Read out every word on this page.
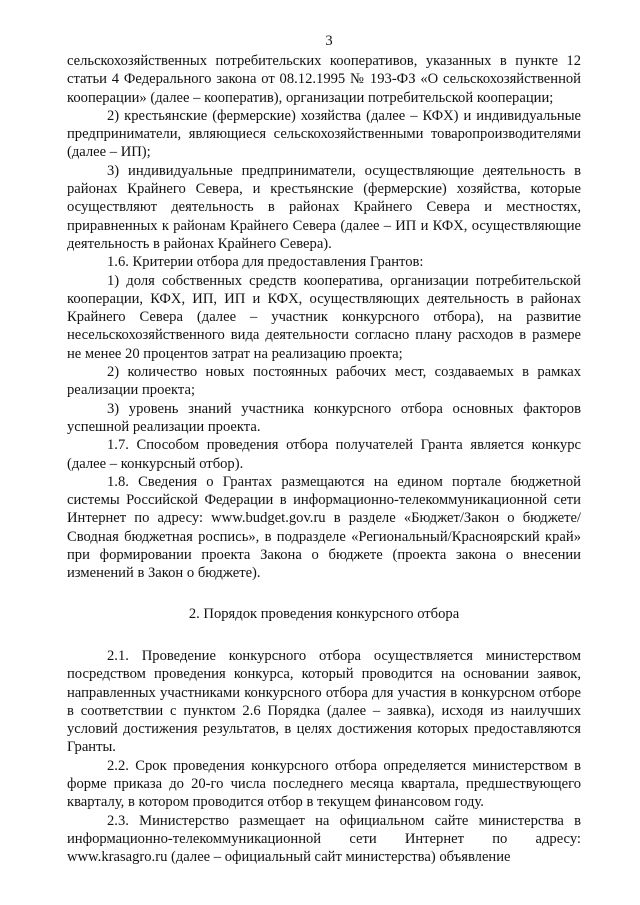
3

сельскохозяйственных потребительских кооперативов, указанных в пункте 12 статьи 4 Федерального закона от 08.12.1995 № 193-ФЗ «О сельскохозяйственной кооперации» (далее – кооператив), организации потребительской кооперации;

2) крестьянские (фермерские) хозяйства (далее – КФХ) и индивидуальные предприниматели, являющиеся сельскохозяйственными товаропроизводителями (далее – ИП);

3) индивидуальные предприниматели, осуществляющие деятельность в районах Крайнего Севера, и крестьянские (фермерские) хозяйства, которые осуществляют деятельность в районах Крайнего Севера и местностях, приравненных к районам Крайнего Севера (далее – ИП и КФХ, осуществляющие деятельность в районах Крайнего Севера).

1.6. Критерии отбора для предоставления Грантов:

1) доля собственных средств кооператива, организации потребительской кооперации, КФХ, ИП, ИП и КФХ, осуществляющих деятельность в районах Крайнего Севера (далее – участник конкурсного отбора), на развитие несельскохозяйственного вида деятельности согласно плану расходов в размере не менее 20 процентов затрат на реализацию проекта;

2) количество новых постоянных рабочих мест, создаваемых в рамках реализации проекта;

3) уровень знаний участника конкурсного отбора основных факторов успешной реализации проекта.

1.7. Способом проведения отбора получателей Гранта является конкурс (далее – конкурсный отбор).

1.8. Сведения о Грантах размещаются на едином портале бюджетной системы Российской Федерации в информационно-телекоммуникационной сети Интернет по адресу: www.budget.gov.ru в разделе «Бюджет/Закон о бюджете/Сводная бюджетная роспись», в подразделе «Региональный/Красноярский край» при формировании проекта Закона о бюджете (проекта закона о внесении изменений в Закон о бюджете).

2. Порядок проведения конкурсного отбора

2.1. Проведение конкурсного отбора осуществляется министерством посредством проведения конкурса, который проводится на основании заявок, направленных участниками конкурсного отбора для участия в конкурсном отборе в соответствии с пунктом 2.6 Порядка (далее – заявка), исходя из наилучших условий достижения результатов, в целях достижения которых предоставляются Гранты.

2.2. Срок проведения конкурсного отбора определяется министерством в форме приказа до 20-го числа последнего месяца квартала, предшествующего кварталу, в котором проводится отбор в текущем финансовом году.

2.3. Министерство размещает на официальном сайте министерства в информационно-телекоммуникационной сети Интернет по адресу: www.krasagro.ru (далее – официальный сайт министерства) объявление
